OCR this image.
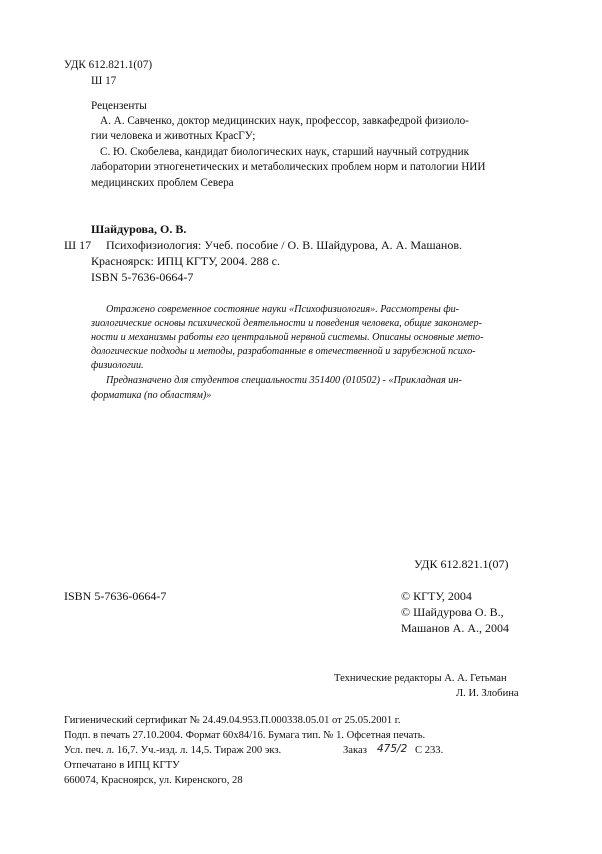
УДК 612.821.1(07)
Ш 17
Рецензенты
А. А. Савченко, доктор медицинских наук, профессор, завкафедрой физиоло-
гии человека и животных КрасГУ;
С. Ю. Скобелева, кандидат биологических наук, старший научный сотрудник
лаборатории этногенетических и метаболических проблем норм и патологии НИИ
медицинских проблем Севера
Шайдурова, О. В.
Ш 17 Психофизиология: Учеб. пособие / О. В. Шайдурова, А. А. Машанов.
Красноярск: ИПЦ КГТУ, 2004. 288 с.
ISBN 5-7636-0664-7
Отражено современное состояние науки «Психофизиология». Рассмотрены фи-
зиологические основы психической деятельности и поведения человека, общие закономер-
ности и механизмы работы его центральной нервной системы. Описаны основные мето-
дологические подходы и методы, разработанные в отечественной и зарубежной психо-
физиологии.
Предназначено для студентов специальности 351400 (010502) - «Прикладная ин-
форматика (по областям)»
УДК 612.821.1(07)
ISBN 5-7636-0664-7	© КГТУ, 2004
© Шайдурова О. В.,
Машанов А. А., 2004
Технические редакторы А. А. Гетьман
Л. И. Злобина
Гигиенический сертификат № 24.49.04.953.П.000338.05.01 от 25.05.2001 г.
Подп. в печать 27.10.2004. Формат 60х84/16. Бумага тип. № 1. Офсетная печать.
Усл. печ. л. 16,7. Уч.-изд. л. 14,5. Тираж 200 экз.	Заказ 475/2 С 233.
Отпечатано в ИПЦ КГТУ
660074, Красноярск, ул. Киренского, 28
